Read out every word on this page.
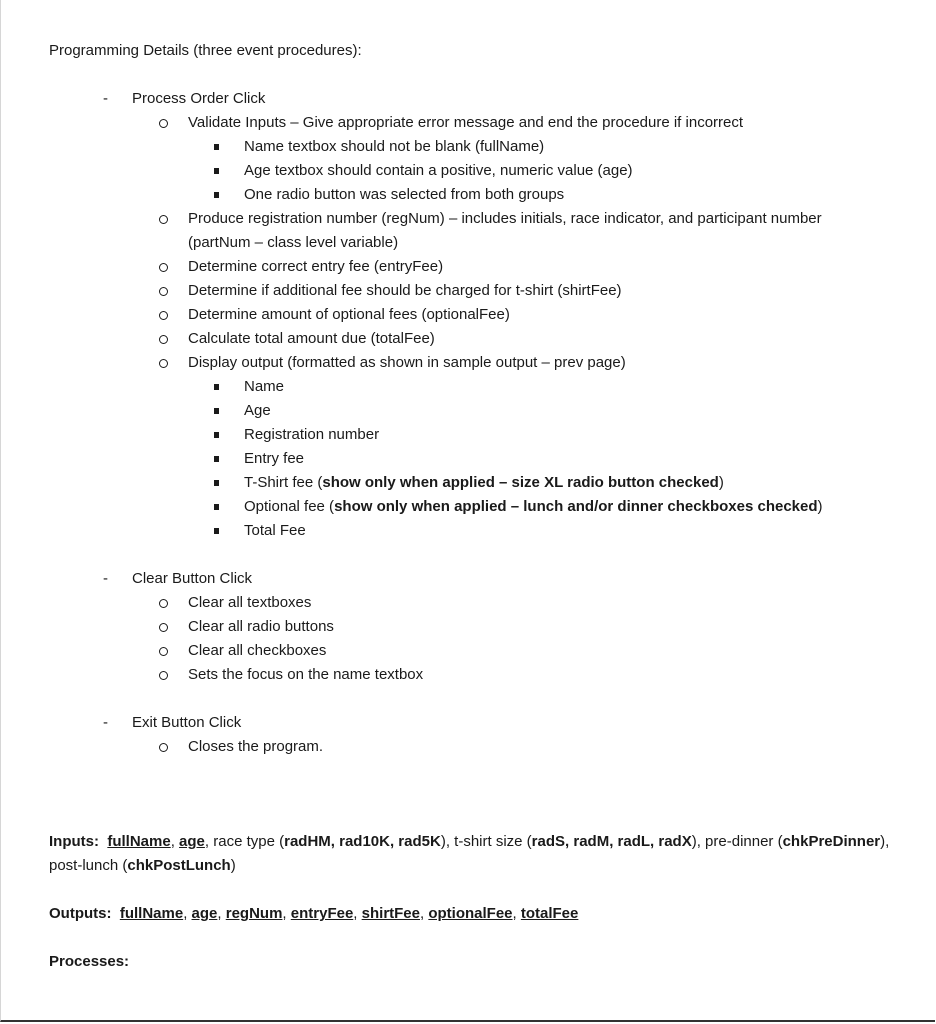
Programming Details (three event procedures):
- Process Order Click
Validate Inputs – Give appropriate error message and end the procedure if incorrect
Name textbox should not be blank (fullName)
Age textbox should contain a positive, numeric value (age)
One radio button was selected from both groups
Produce registration number (regNum) – includes initials, race indicator, and participant number
(partNum – class level variable)
Determine correct entry fee (entryFee)
Determine if additional fee should be charged for t-shirt (shirtFee)
Determine amount of optional fees (optionalFee)
Calculate total amount due (totalFee)
Display output (formatted as shown in sample output – prev page)
Name
Age
Registration number
Entry fee
T-Shirt fee (show only when applied – size XL radio button checked)
Optional fee (show only when applied – lunch and/or dinner checkboxes checked)
Total Fee
- Clear Button Click
Clear all textboxes
Clear all radio buttons
Clear all checkboxes
Sets the focus on the name textbox
- Exit Button Click
Closes the program.
Inputs: fullName, age, race type (radHM, rad10K, rad5K), t-shirt size (radS, radM, radL, radX), pre-dinner (chkPreDinner),
post-lunch (chkPostLunch)
Outputs: fullName, age, regNum, entryFee, shirtFee, optionalFee, totalFee
Processes:
